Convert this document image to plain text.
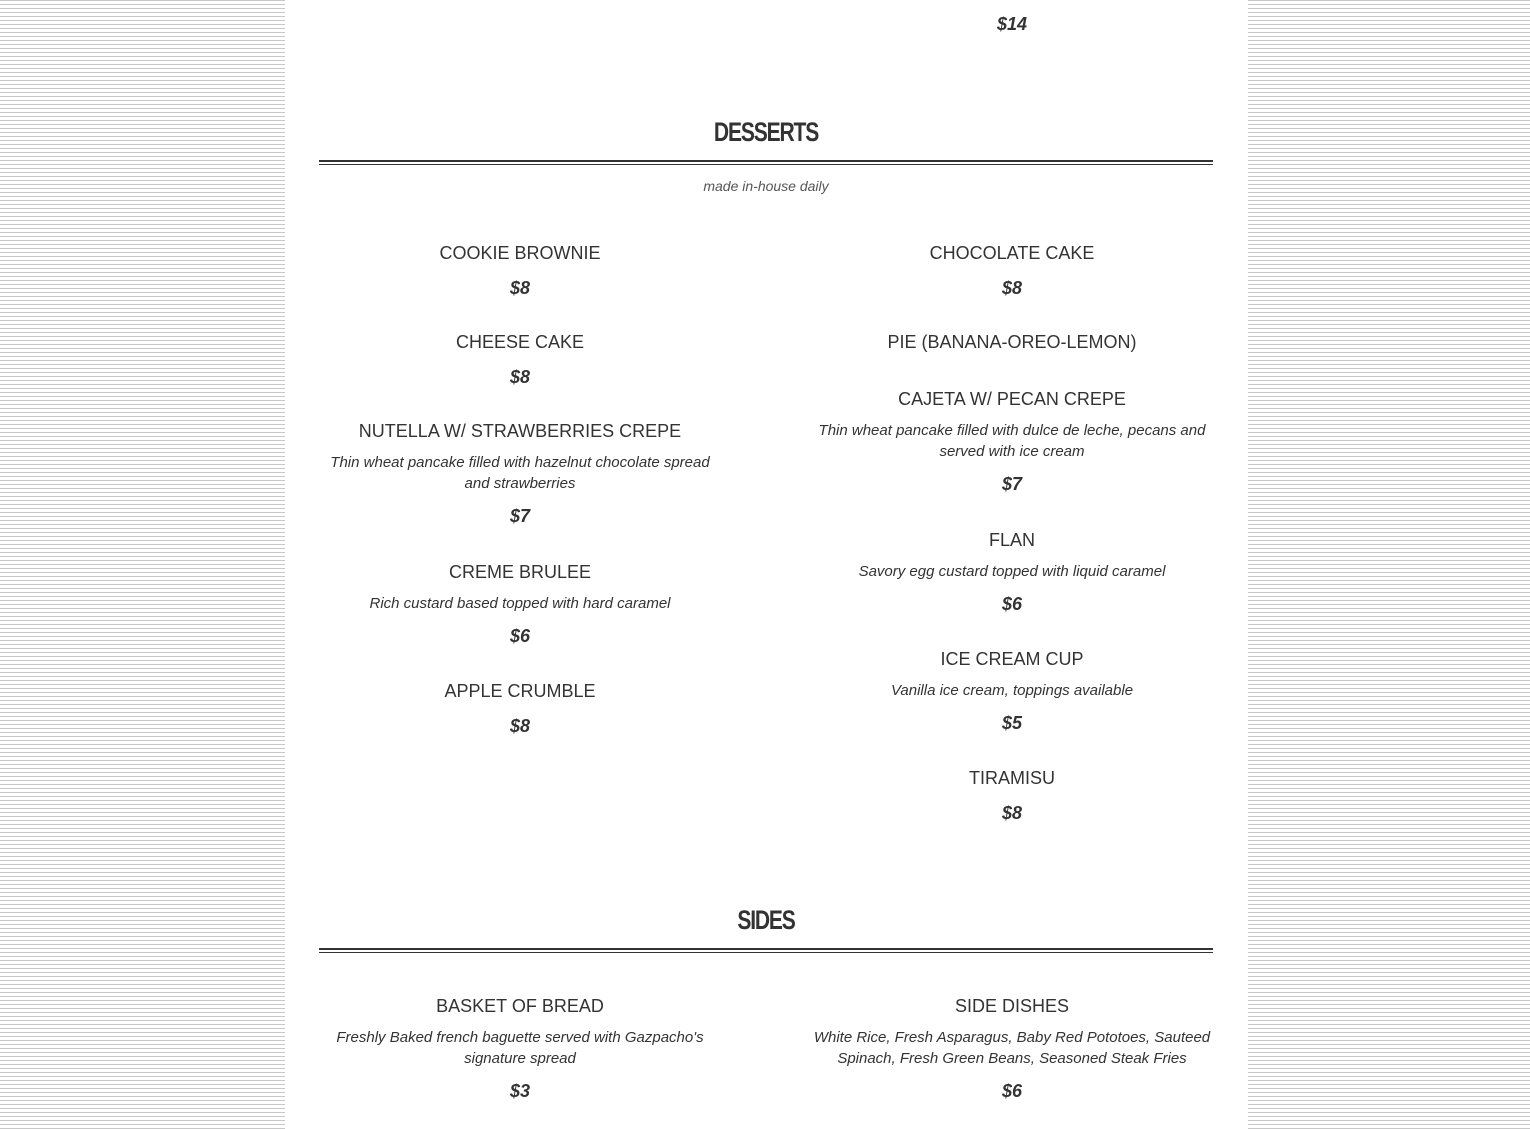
$14
DESSERTS
made in-house daily
COOKIE BROWNIE
$8
CHEESE CAKE
$8
NUTELLA W/ STRAWBERRIES CREPE
Thin wheat pancake filled with hazelnut chocolate spread and strawberries
$7
CREME BRULEE
Rich custard based topped with hard caramel
$6
APPLE CRUMBLE
$8
CHOCOLATE CAKE
$8
PIE (BANANA-OREO-LEMON)
CAJETA W/ PECAN CREPE
Thin wheat pancake filled with dulce de leche, pecans and served with ice cream
$7
FLAN
Savory egg custard topped with liquid caramel
$6
ICE CREAM CUP
Vanilla ice cream, toppings available
$5
TIRAMISU
$8
SIDES
BASKET OF BREAD
Freshly Baked french baguette served with Gazpacho's signature spread
$3
SIDE DISHES
White Rice, Fresh Asparagus, Baby Red Pototoes, Sauteed Spinach, Fresh Green Beans, Seasoned Steak Fries
$6
